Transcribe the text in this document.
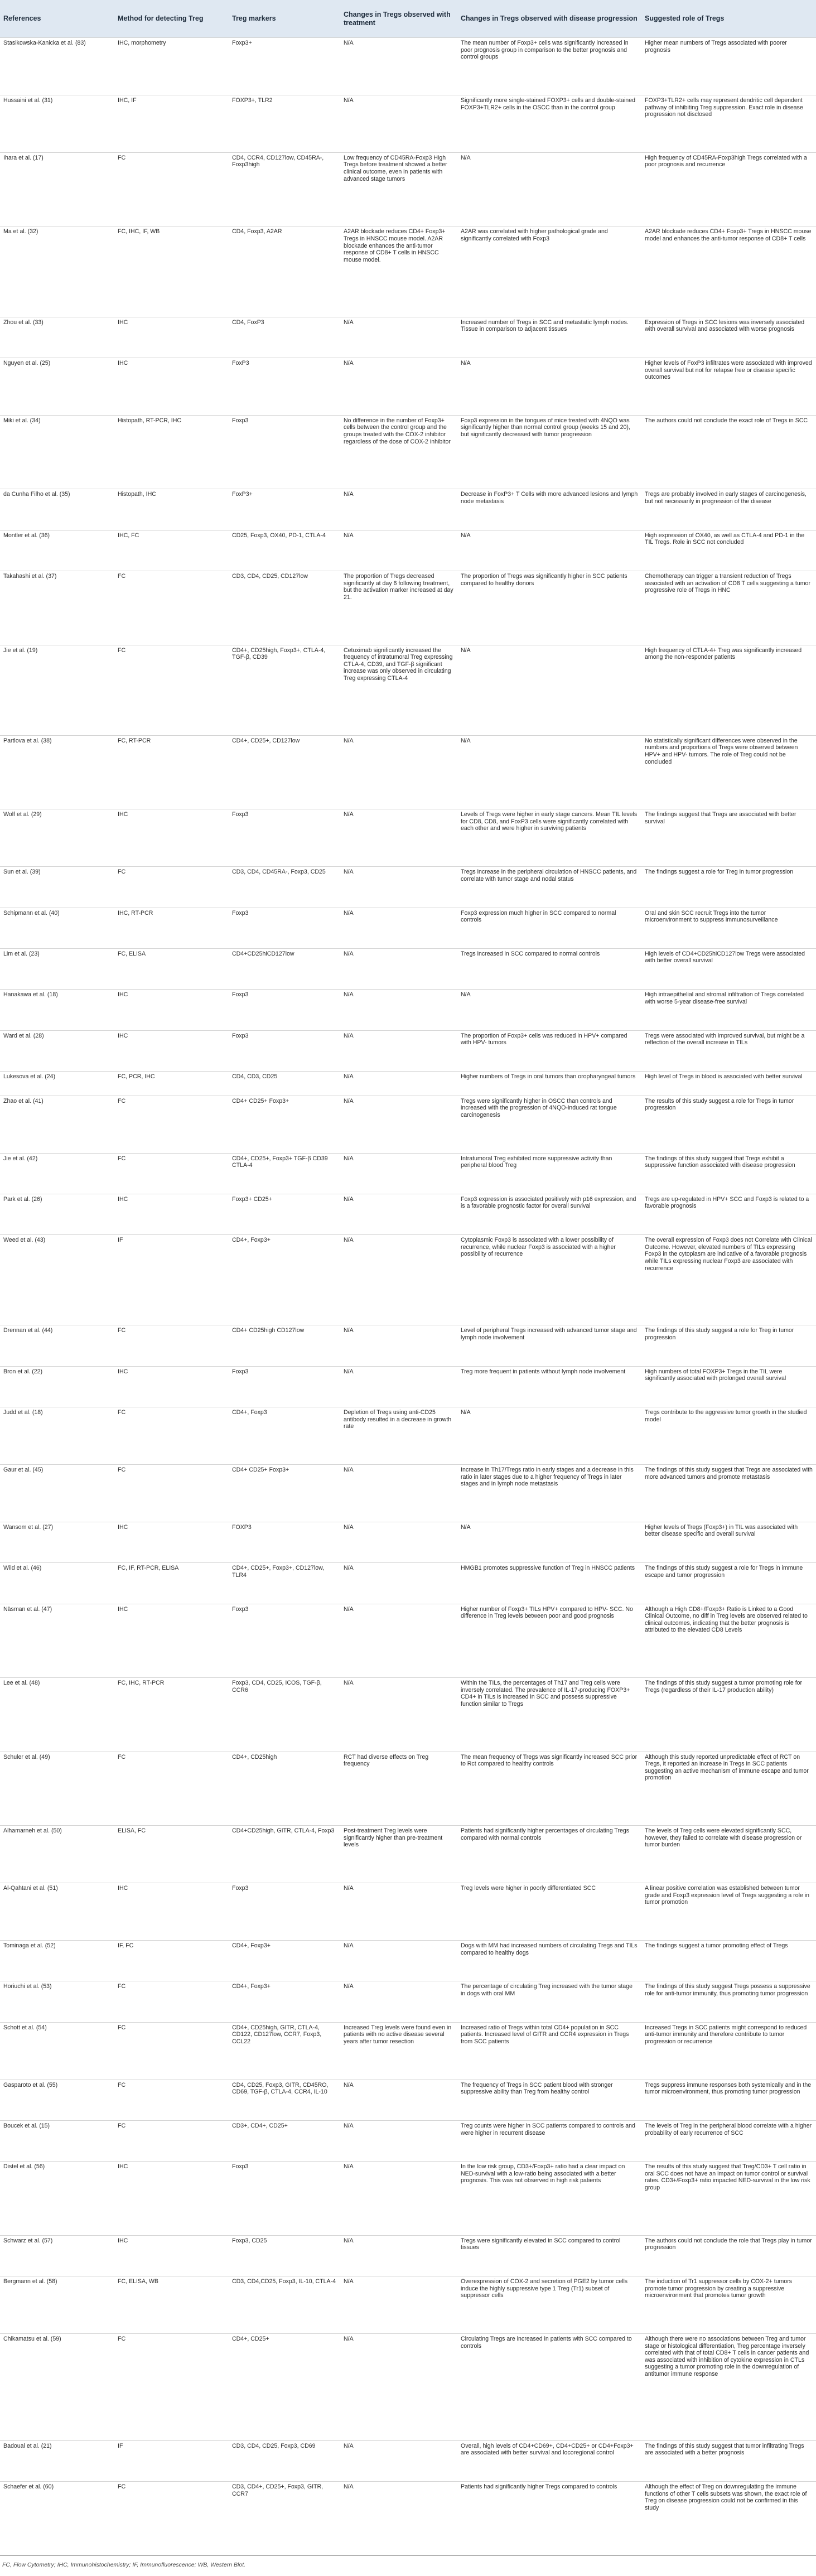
References	Method for detecting Treg	Treg markers	Changes in Tregs observed with treatment	Changes in Tregs observed with disease progression	Suggested role of Tregs
Stasikowska-Kanicka et al. (83)	IHC, morphometry	Foxp3+	N/A	The mean number of Foxp3+ cells was significantly increased in poor prognosis group in comparison to the better prognosis and control groups	Higher mean numbers of Tregs associated with poorer prognosis
Hussaini et al. (31)	IHC, IF	FOXP3+, TLR2	N/A	Significantly more single-stained FOXP3+ cells and double-stained FOXP3+TLR2+ cells in the OSCC than in the control group	FOXP3+TLR2+ cells may represent dendritic cell dependent pathway of inhibiting Treg suppression. Exact role in disease progression not disclosed
Ihara et al. (17)	FC	CD4, CCR4, CD127low, CD45RA-, Foxp3high	Low frequency of CD45RA-Foxp3 High Tregs before treatment showed a better clinical outcome, even in patients with advanced stage tumors	N/A	High frequency of CD45RA-Foxp3high Tregs correlated with a poor prognosis and recurrence
Ma et al. (32)	FC, IHC, IF, WB	CD4, Foxp3, A2AR	A2AR blockade reduces CD4+ Foxp3+ Tregs in HNSCC mouse model. A2AR blockade enhances the anti-tumor response of CD8+ T cells in HNSCC mouse model.	A2AR was correlated with higher pathological grade and significantly correlated with Foxp3	A2AR blockade reduces CD4+ Foxp3+ Tregs in HNSCC mouse model and enhances the anti-tumor response of CD8+ T cells
Zhou et al. (33)	IHC	CD4, FoxP3	N/A	Increased number of Tregs in SCC and metastatic lymph nodes. Tissue in comparison to adjacent tissues	Expression of Tregs in SCC lesions was inversely associated with overall survival and associated with worse prognosis
Nguyen et al. (25)	IHC	FoxP3	N/A	N/A	Higher levels of FoxP3 infiltrates were associated with improved overall survival but not for relapse free or disease specific outcomes
Miki et al. (34)	Histopath, RT-PCR, IHC	Foxp3	No difference in the number of Foxp3+ cells between the control group and the groups treated with the COX-2 inhibitor regardless of the dose of COX-2 inhibitor	Foxp3 expression in the tongues of mice treated with 4NQO was significantly higher than normal control group (weeks 15 and 20), but significantly decreased with tumor progression	The authors could not conclude the exact role of Tregs in SCC
da Cunha Filho et al. (35)	Histopath, IHC	FoxP3+	N/A	Decrease in FoxP3+ T Cells with more advanced lesions and lymph node metastasis	Tregs are probably involved in early stages of carcinogenesis, but not necessarily in progression of the disease
Montler et al. (36)	IHC, FC	CD25, Foxp3, OX40, PD-1, CTLA-4	N/A	N/A	High expression of OX40, as well as CTLA-4 and PD-1 in the TIL Tregs. Role in SCC not concluded
Takahashi et al. (37)	FC	CD3, CD4, CD25, CD127low	The proportion of Tregs decreased significantly at day 6 following treatment, but the activation marker increased at day 21.	The proportion of Tregs was significantly higher in SCC patients compared to healthy donors	Chemotherapy can trigger a transient reduction of Tregs associated with an activation of CD8 T cells suggesting a tumor progressive role of Tregs in HNC
Jie et al. (19)	FC	CD4+, CD25high, Foxp3+, CTLA-4, TGF-β, CD39	Cetuximab significantly increased the frequency of intratumoral Treg expressing CTLA-4, CD39, and TGF-β significant increase was only observed in circulating Treg expressing CTLA-4	N/A	High frequency of CTLA-4+ Treg was significantly increased among the non-responder patients
Partlova et al. (38)	FC, RT-PCR	CD4+, CD25+, CD127low	N/A	N/A	No statistically significant differences were observed in the numbers and proportions of Tregs were observed between HPV+ and HPV- tumors. The role of Treg could not be concluded
Wolf et al. (29)	IHC	Foxp3	N/A	Levels of Tregs were higher in early stage cancers. Mean TIL levels for CD8, CD8, and FoxP3 cells were significantly correlated with each other and were higher in surviving patients	The findings suggest that Tregs are associated with better survival
Sun et al. (39)	FC	CD3, CD4, CD45RA-, Foxp3, CD25	N/A	Tregs increase in the peripheral circulation of HNSCC patients, and correlate with tumor stage and nodal status	The findings suggest a role for Treg in tumor progression
Schipmann et al. (40)	IHC, RT-PCR	Foxp3	N/A	Foxp3 expression much higher in SCC compared to normal controls	Oral and skin SCC recruit Tregs into the tumor microenvironment to suppress immunosurveillance
Lim et al. (23)	FC, ELISA	CD4+CD25hiCD127low	N/A	Tregs increased in SCC compared to normal controls	High levels of CD4+CD25hiCD127low Tregs were associated with better overall survival
Hanakawa et al. (18)	IHC	Foxp3	N/A	N/A	High intraepithelial and stromal infiltration of Tregs correlated with worse 5-year disease-free survival
Ward et al. (28)	IHC	Foxp3	N/A	The proportion of Foxp3+ cells was reduced in HPV+ compared with HPV- tumors	Tregs were associated with improved survival, but might be a reflection of the overall increase in TILs
Lukesova et al. (24)	FC, PCR, IHC	CD4, CD3, CD25	N/A	Higher numbers of Tregs in oral tumors than oropharyngeal tumors	High level of Tregs in blood is associated with better survival
Zhao et al. (41)	FC	CD4+ CD25+ Foxp3+	N/A	Tregs were significantly higher in OSCC than controls and increased with the progression of 4NQO-induced rat tongue carcinogenesis	The results of this study suggest a role for Tregs in tumor progression
Jie et al. (42)	FC	CD4+, CD25+, Foxp3+ TGF-β CD39 CTLA-4	N/A	Intratumoral Treg exhibited more suppressive activity than peripheral blood Treg	The findings of this study suggest that Tregs exhibit a suppressive function associated with disease progression
Park et al. (26)	IHC	Foxp3+ CD25+	N/A	Foxp3 expression is associated positively with p16 expression, and is a favorable prognostic factor for overall survival	Tregs are up-regulated in HPV+ SCC and Foxp3 is related to a favorable prognosis
Weed et al. (43)	IF	CD4+, Foxp3+	N/A	Cytoplasmic Foxp3 is associated with a lower possibility of recurrence, while nuclear Foxp3 is associated with a higher possibility of recurrence	The overall expression of Foxp3 does not Correlate with Clinical Outcome. However, elevated numbers of TILs expressing Foxp3 in the cytoplasm are indicative of a favorable prognosis while TILs expressing nuclear Foxp3 are associated with recurrence
Drennan et al. (44)	FC	CD4+ CD25high CD127low	N/A	Level of peripheral Tregs increased with advanced tumor stage and lymph node involvement	The findings of this study suggest a role for Treg in tumor progression
Bron et al. (22)	IHC	Foxp3	N/A	Treg more frequent in patients without lymph node involvement	High numbers of total FOXP3+ Tregs in the TIL were significantly associated with prolonged overall survival
Judd et al. (18)	FC	CD4+, Foxp3	Depletion of Tregs using anti-CD25 antibody resulted in a decrease in growth rate	N/A	Tregs contribute to the aggressive tumor growth in the studied model
Gaur et al. (45)	FC	CD4+ CD25+ Foxp3+	N/A	Increase in Th17/Tregs ratio in early stages and a decrease in this ratio in later stages due to a higher frequency of Tregs in later stages and in lymph node metastasis	The findings of this study suggest that Tregs are associated with more advanced tumors and promote metastasis
Wansom et al. (27)	IHC	FOXP3	N/A	N/A	Higher levels of Tregs (Foxp3+) in TIL was associated with better disease specific and overall survival
Wild et al. (46)	FC, IF, RT-PCR, ELISA	CD4+, CD25+, Foxp3+, CD127low, TLR4	N/A	HMGB1 promotes suppressive function of Treg in HNSCC patients	The findings of this study suggest a role for Tregs in immune escape and tumor progression
Näsman et al. (47)	IHC	Foxp3	N/A	Higher number of Foxp3+ TILs HPV+ compared to HPV- SCC. No difference in Treg levels between poor and good prognosis	Although a High CD8+/Foxp3+ Ratio is Linked to a Good Clinical Outcome, no diff in Treg levels are observed related to clinical outcomes, indicating that the better prognosis is attributed to the elevated CD8 Levels
Lee et al. (48)	FC, IHC, RT-PCR	Foxp3, CD4, CD25, ICOS, TGF-β, CCR6	N/A	Within the TILs, the percentages of Th17 and Treg cells were inversely correlated. The prevalence of IL-17-producing FOXP3+ CD4+ in TILs is increased in SCC and possess suppressive function similar to Tregs	The findings of this study suggest a tumor promoting role for Tregs (regardless of their IL-17 production ability)
Schuler et al. (49)	FC	CD4+, CD25high	RCT had diverse effects on Treg frequency	The mean frequency of Tregs was significantly increased SCC prior to Rct compared to healthy controls	Although this study reported unpredictable effect of RCT on Tregs, it reported an increase in Tregs in SCC patients suggesting an active mechanism of immune escape and tumor promotion
Alhamarneh et al. (50)	ELISA, FC	CD4+CD25high, GITR, CTLA-4, Foxp3	Post-treatment Treg levels were significantly higher than pre-treatment levels	Patients had significantly higher percentages of circulating Tregs compared with normal controls	The levels of Treg cells were elevated significantly SCC, however, they failed to correlate with disease progression or tumor burden
Al-Qahtani et al. (51)	IHC	Foxp3	N/A	Treg levels were higher in poorly differentiated SCC	A linear positive correlation was established between tumor grade and Foxp3 expression level of Tregs suggesting a role in tumor promotion
Tominaga et al. (52)	IF, FC	CD4+, Foxp3+	N/A	Dogs with MM had increased numbers of circulating Tregs and TILs compared to healthy dogs	The findings suggest a tumor promoting effect of Tregs
Horiuchi et al. (53)	FC	CD4+, Foxp3+	N/A	The percentage of circulating Treg increased with the tumor stage in dogs with oral MM	The findings of this study suggest Tregs possess a suppressive role for anti-tumor immunity, thus promoting tumor progression
Schott et al. (54)	FC	CD4+, CD25high, GITR, CTLA-4, CD122, CD127low, CCR7, Foxp3, CCL22	Increased Treg levels were found even in patients with no active disease several years after tumor resection	Increased ratio of Tregs within total CD4+ population in SCC patients. Increased level of GITR and CCR4 expression in Tregs from SCC patients	Increased Tregs in SCC patients might correspond to reduced anti-tumor immunity and therefore contribute to tumor progression or recurrence
Gasparoto et al. (55)	FC	CD4, CD25, Foxp3, GITR, CD45RO, CD69, TGF-β, CTLA-4, CCR4, IL-10	N/A	The frequency of Tregs in SCC patient blood with stronger suppressive ability than Treg from healthy control	Tregs suppress immune responses both systemically and in the tumor microenvironment, thus promoting tumor progression
Boucek et al. (15)	FC	CD3+, CD4+, CD25+	N/A	Treg counts were higher in SCC patients compared to controls and were higher in recurrent disease	The levels of Treg in the peripheral blood correlate with a higher probability of early recurrence of SCC
Distel et al. (56)	IHC	Foxp3	N/A	In the low risk group, CD3+/Foxp3+ ratio had a clear impact on NED-survival with a low-ratio being associated with a better prognosis. This was not observed in high risk patients	The results of this study suggest that Treg/CD3+ T cell ratio in oral SCC does not have an impact on tumor control or survival rates. CD3+/Foxp3+ ratio impacted NED-survival in the low risk group
Schwarz et al. (57)	IHC	Foxp3, CD25	N/A	Tregs were significantly elevated in SCC compared to control tissues	The authors could not conclude the role that Tregs play in tumor progression
Bergmann et al. (58)	FC, ELISA, WB	CD3, CD4,CD25, Foxp3, IL-10, CTLA-4	N/A	Overexpression of COX-2 and secretion of PGE2 by tumor cells induce the highly suppressive type 1 Treg (Tr1) subset of suppressor cells	The induction of Tr1 suppressor cells by COX-2+ tumors promote tumor progression by creating a suppressive microenvironment that promotes tumor growth
Chikamatsu et al. (59)	FC	CD4+, CD25+	N/A	Circulating Tregs are increased in patients with SCC compared to controls	Although there were no associations between Treg and tumor stage or histological differentiation, Treg percentage inversely correlated with that of total CD8+ T cells in cancer patients and was associated with inhibition of cytokine expression in CTLs suggesting a tumor promoting role in the downregulation of antitumor immune response
Badoual et al. (21)	IF	CD3, CD4, CD25, Foxp3, CD69	N/A	Overall, high levels of CD4+CD69+, CD4+CD25+ or CD4+Foxp3+ are associated with better survival and locoregional control	The findings of this study suggest that tumor infiltrating Tregs are associated with a better prognosis
Schaefer et al. (60)	FC	CD3, CD4+, CD25+, Foxp3, GITR, CCR7	N/A	Patients had significantly higher Tregs compared to controls	Although the effect of Treg on downregulating the immune functions of other T cells subsets was shown, the exact role of Treg on disease progression could not be confirmed in this study
FC, Flow Cytometry; IHC, Immunohistochemistry; IF, Immunofluorescence; WB, Western Blot.
